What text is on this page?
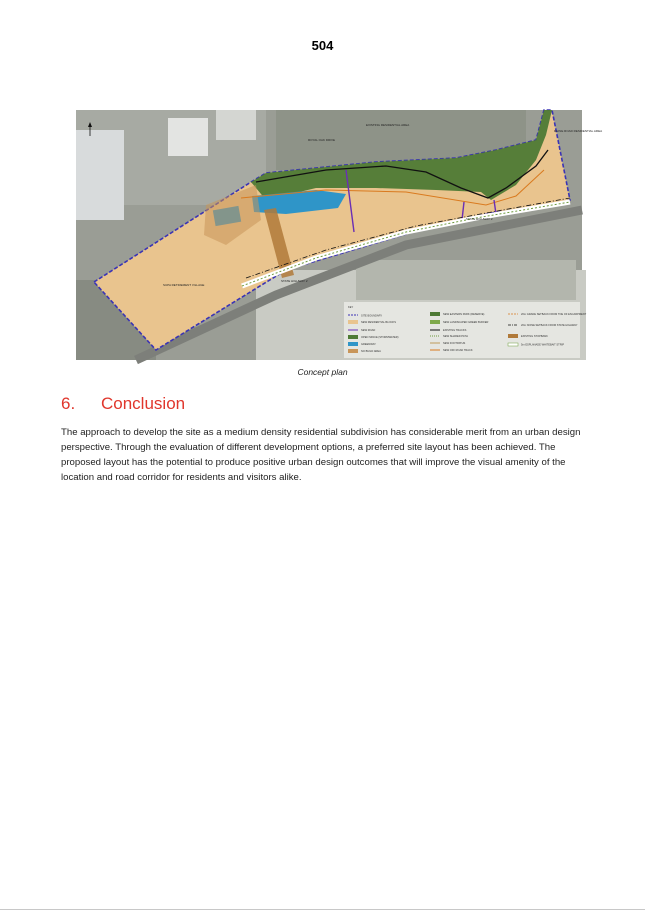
504
SUPA RETIREMENT VILLAGE
EXISTING RESIDENTIAL AREA
ROYAL OAK DRIVE
RHINE ROAD RESIDENTIAL AREA
STATE HIGHWAY 2
STATE HIGHWAY 2
KEY
SITE BOUNDARY
NEW RESIDENTIAL BLOCKS
NEW ROAD
OPEN SPACE (STORMWATER)
GREENWAY
NO BUILD AREA
NEW EASTERN PARK (RESERVE)
NEW LANDSCAPED GREEN BUFFER
EXISTING TRACKS
NEW SHARED PATH
NEW FOOTPATHS
NEW OFF ROAD TRACK
20m GRADE SETBACK FROM TOE OF ESCARPMENT
20m NOISE SETBACK FROM STATE HIGHWAY
EXISTING STOPBANK
5m ESPLANADE WHITEBAIT STRIP
Concept plan
6. Conclusion
The approach to develop the site as a medium density residential subdivision has considerable merit from an urban design perspective. Through the evaluation of different development options, a preferred site layout has been achieved. The proposed layout has the potential to produce positive urban design outcomes that will improve the visual amenity of the location and road corridor for residents and visitors alike.
